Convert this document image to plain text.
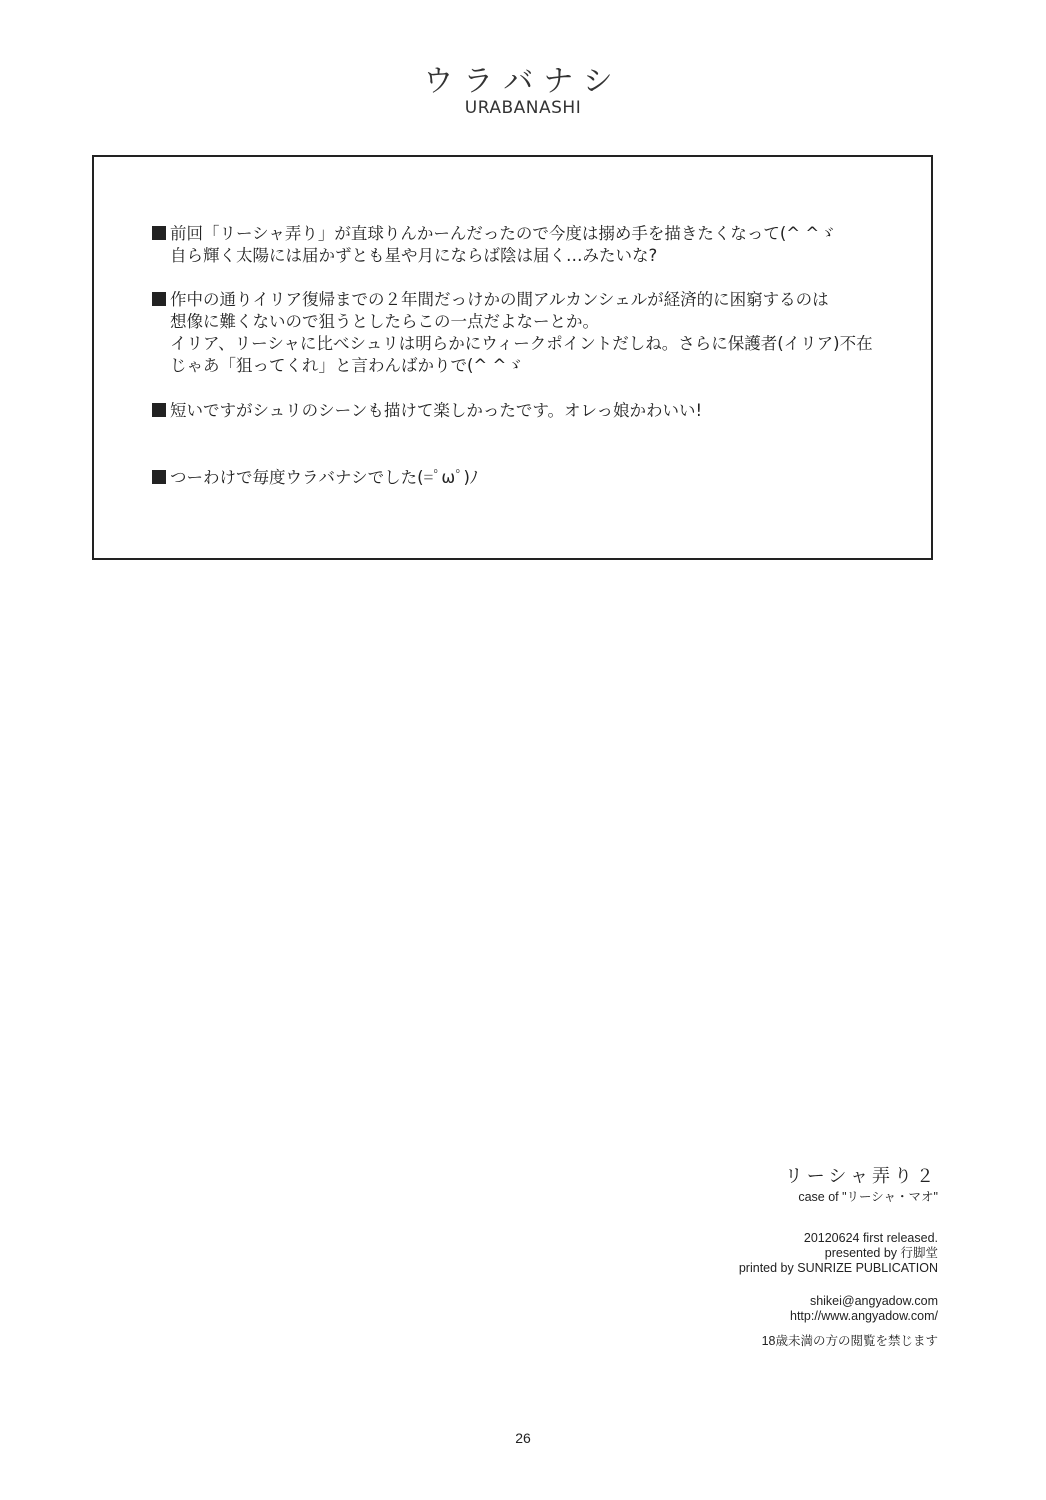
ウラバナシ
URABANASHI
前回「リーシャ弄り」が直球りんかーんだったので今度は搦め手を描きたくなって(^ ^ゞ
自ら輝く太陽には届かずとも星や月にならば陰は届く…みたいな?
作中の通りイリア復帰までの２年間だっけかの間アルカンシェルが経済的に困窮するのは
想像に難くないので狙うとしたらこの一点だよなーとか。
イリア、リーシャに比べシュリは明らかにウィークポイントだしね。さらに保護者(イリア)不在
じゃあ「狙ってくれ」と言わんばかりで(^ ^ゞ
短いですがシュリのシーンも描けて楽しかったです。オレっ娘かわいい!
つーわけで毎度ウラバナシでした(=ﾟωﾟ)ﾉ
リーシャ弄り２
case of "リーシャ・マオ"
20120624 first released.
presented by 行脚堂
printed by SUNRIZE PUBLICATION
shikei@angyadow.com
http://www.angyadow.com/
18歳未満の方の閲覧を禁じます
26
